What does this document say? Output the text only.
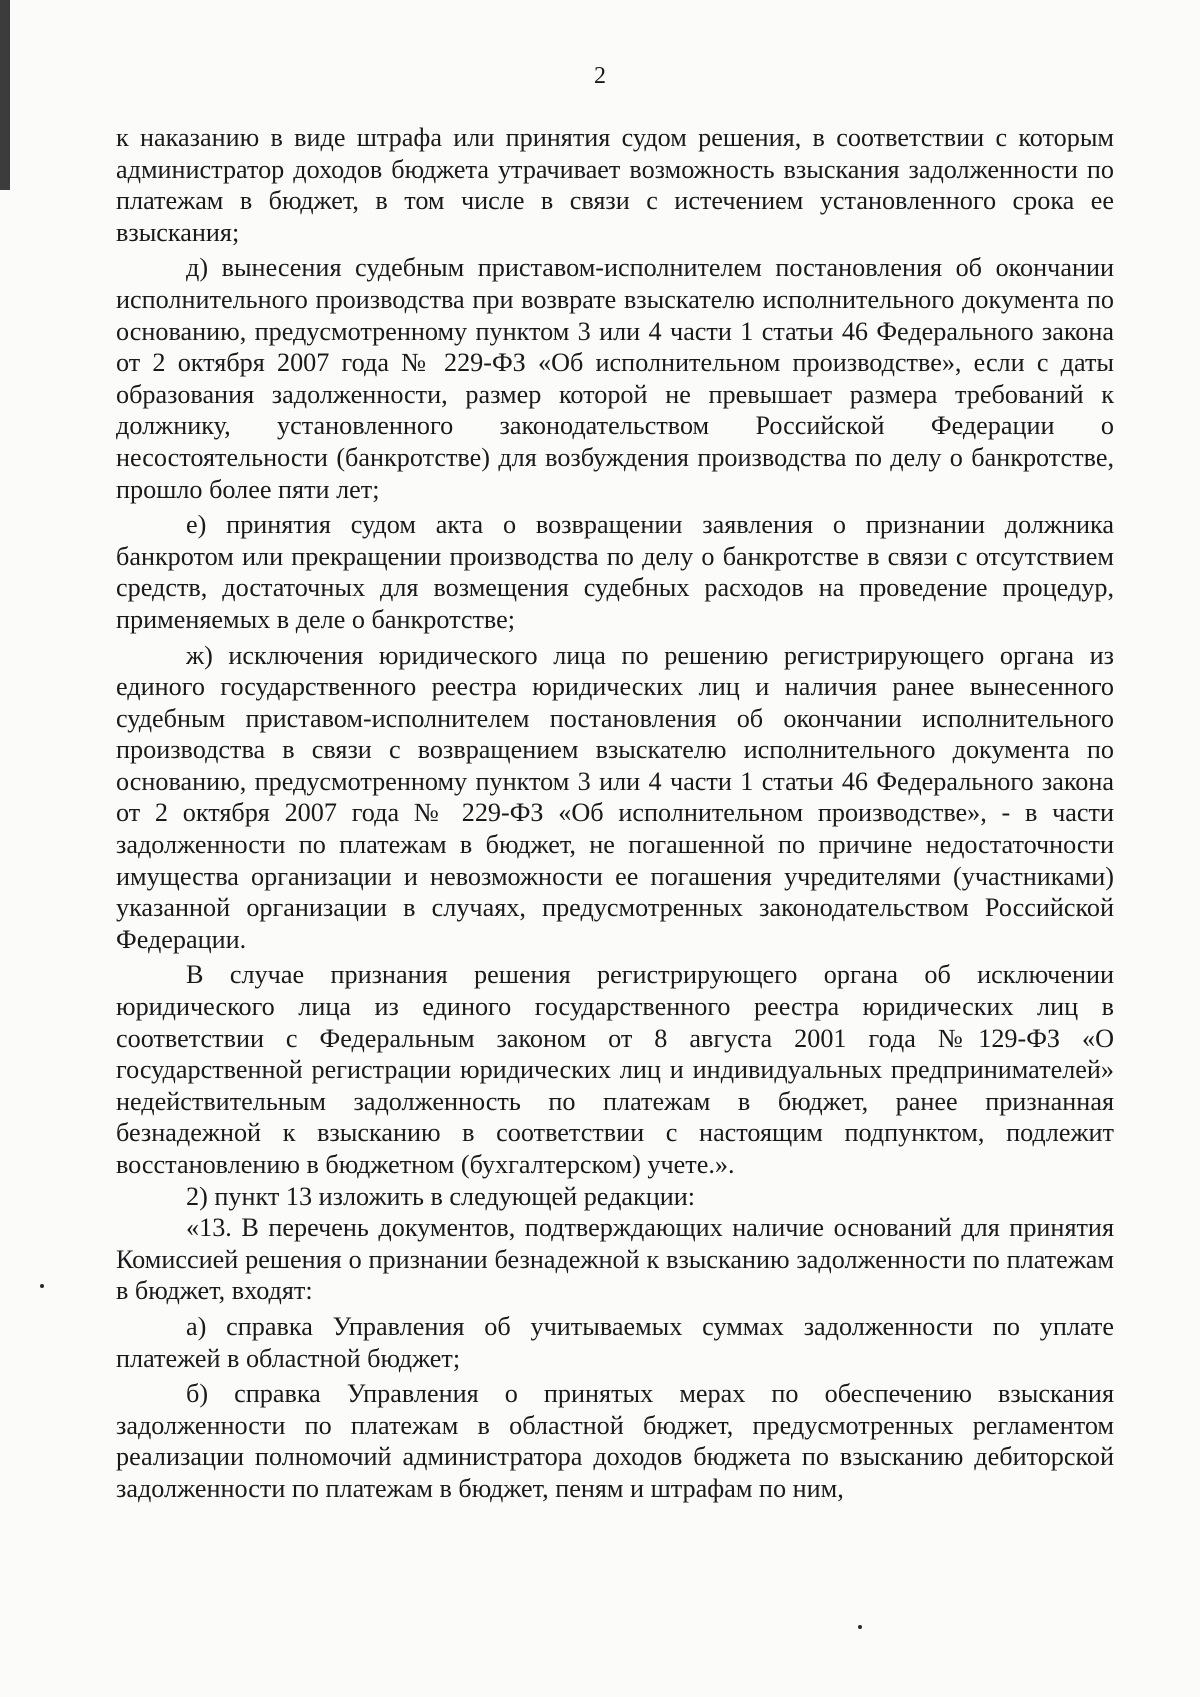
2

к наказанию в виде штрафа или принятия судом решения, в соответствии с которым администратор доходов бюджета утрачивает возможность взыскания задолженности по платежам в бюджет, в том числе в связи с истечением установленного срока ее взыскания;

д) вынесения судебным приставом-исполнителем постановления об окончании исполнительного производства при возврате взыскателю исполнительного документа по основанию, предусмотренному пунктом 3 или 4 части 1 статьи 46 Федерального закона от 2 октября 2007 года № 229-ФЗ «Об исполнительном производстве», если с даты образования задолженности, размер которой не превышает размера требований к должнику, установленного законодательством Российской Федерации о несостоятельности (банкротстве) для возбуждения производства по делу о банкротстве, прошло более пяти лет;

е) принятия судом акта о возвращении заявления о признании должника банкротом или прекращении производства по делу о банкротстве в связи с отсутствием средств, достаточных для возмещения судебных расходов на проведение процедур, применяемых в деле о банкротстве;

ж) исключения юридического лица по решению регистрирующего органа из единого государственного реестра юридических лиц и наличия ранее вынесенного судебным приставом-исполнителем постановления об окончании исполнительного производства в связи с возвращением взыскателю исполнительного документа по основанию, предусмотренному пунктом 3 или 4 части 1 статьи 46 Федерального закона от 2 октября 2007 года № 229-ФЗ «Об исполнительном производстве», - в части задолженности по платежам в бюджет, не погашенной по причине недостаточности имущества организации и невозможности ее погашения учредителями (участниками) указанной организации в случаях, предусмотренных законодательством Российской Федерации.

В случае признания решения регистрирующего органа об исключении юридического лица из единого государственного реестра юридических лиц в соответствии с Федеральным законом от 8 августа 2001 года №129-ФЗ «О государственной регистрации юридических лиц и индивидуальных предпринимателей» недействительным задолженность по платежам в бюджет, ранее признанная безнадежной к взысканию в соответствии с настоящим подпунктом, подлежит восстановлению в бюджетном (бухгалтерском) учете.».

2) пункт 13 изложить в следующей редакции:

«13. В перечень документов, подтверждающих наличие оснований для принятия Комиссией решения о признании безнадежной к взысканию задолженности по платежам в бюджет, входят:

а) справка Управления об учитываемых суммах задолженности по уплате платежей в областной бюджет;

б) справка Управления о принятых мерах по обеспечению взыскания задолженности по платежам в областной бюджет, предусмотренных регламентом реализации полномочий администратора доходов бюджета по взысканию дебиторской задолженности по платежам в бюджет, пеням и штрафам по ним,
